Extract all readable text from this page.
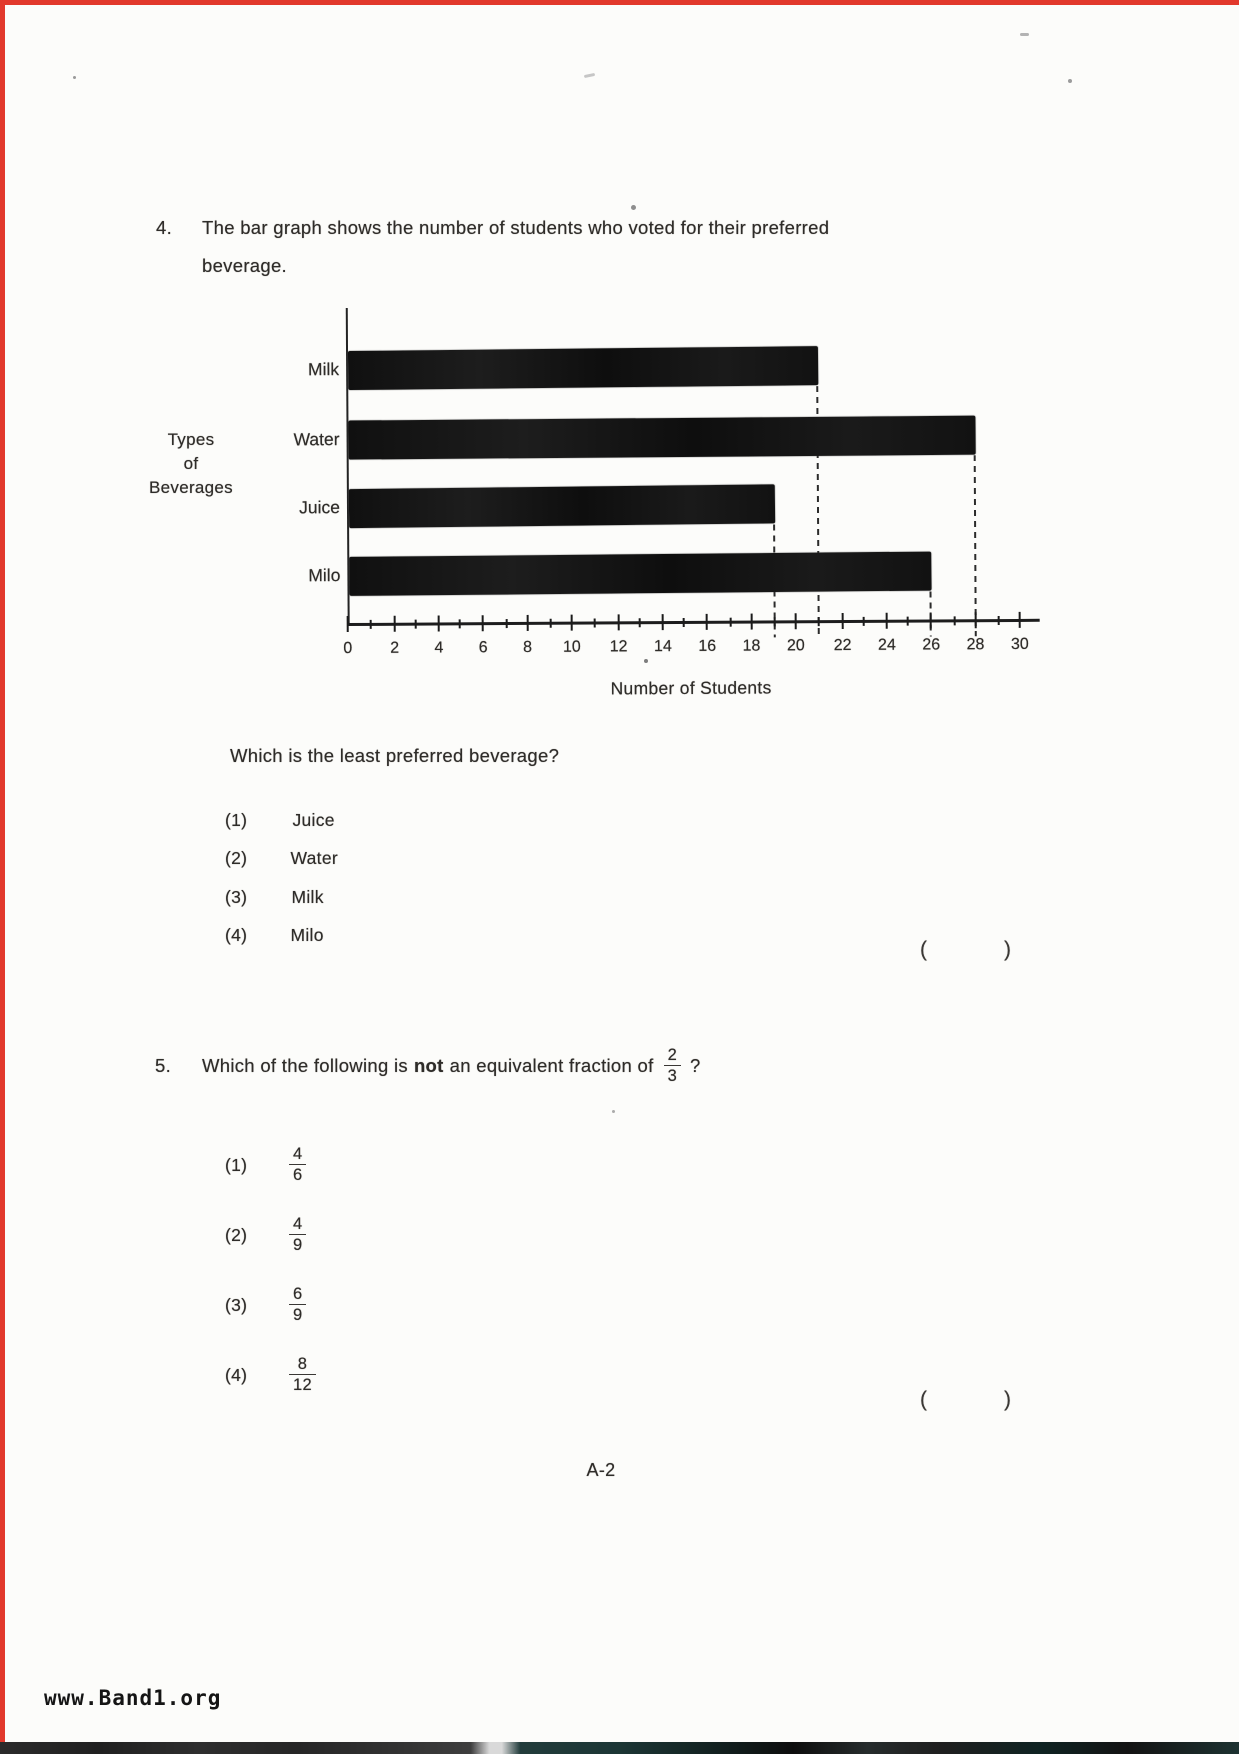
4. The bar graph shows the number of students who voted for their preferred
beverage.
Types
of
Beverages
Number of Students
Milk
Water
Juice
Milo
0	2	4	6	8	10	12	14	16	18	20	22	24	26	28	30
Which is the least preferred beverage?
(1)	Juice
(2) Water
(3)	Milk
(4) Milo
(	)
5.	Which of the following is not an equivalent fraction of $\frac{2}{3}$ ?
(1)	$\frac{4}{6}$
(2)	$\frac{4}{9}$
(3)	$\frac{6}{9}$
(4)	$\frac{8}{12}$
(	)
A-2
www.Band1.org
